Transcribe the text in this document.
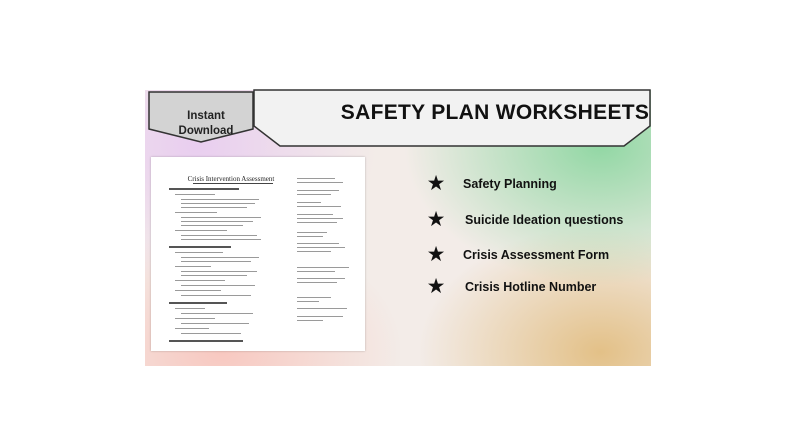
SAFETY PLAN WORKSHEETS
Instant
Download
Crisis Intervention Assessment	★ Safety Planning
★ Suicide Ideation questions
★ Crisis Assessment Form
★ Crisis Hotline Number
